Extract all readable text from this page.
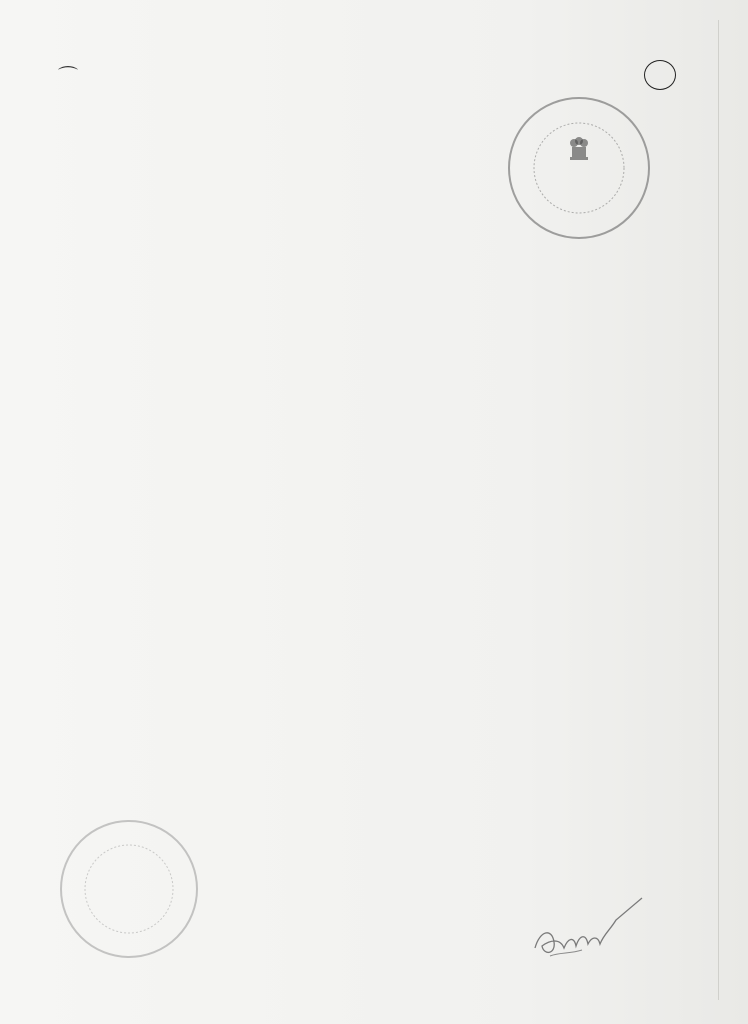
⌒
